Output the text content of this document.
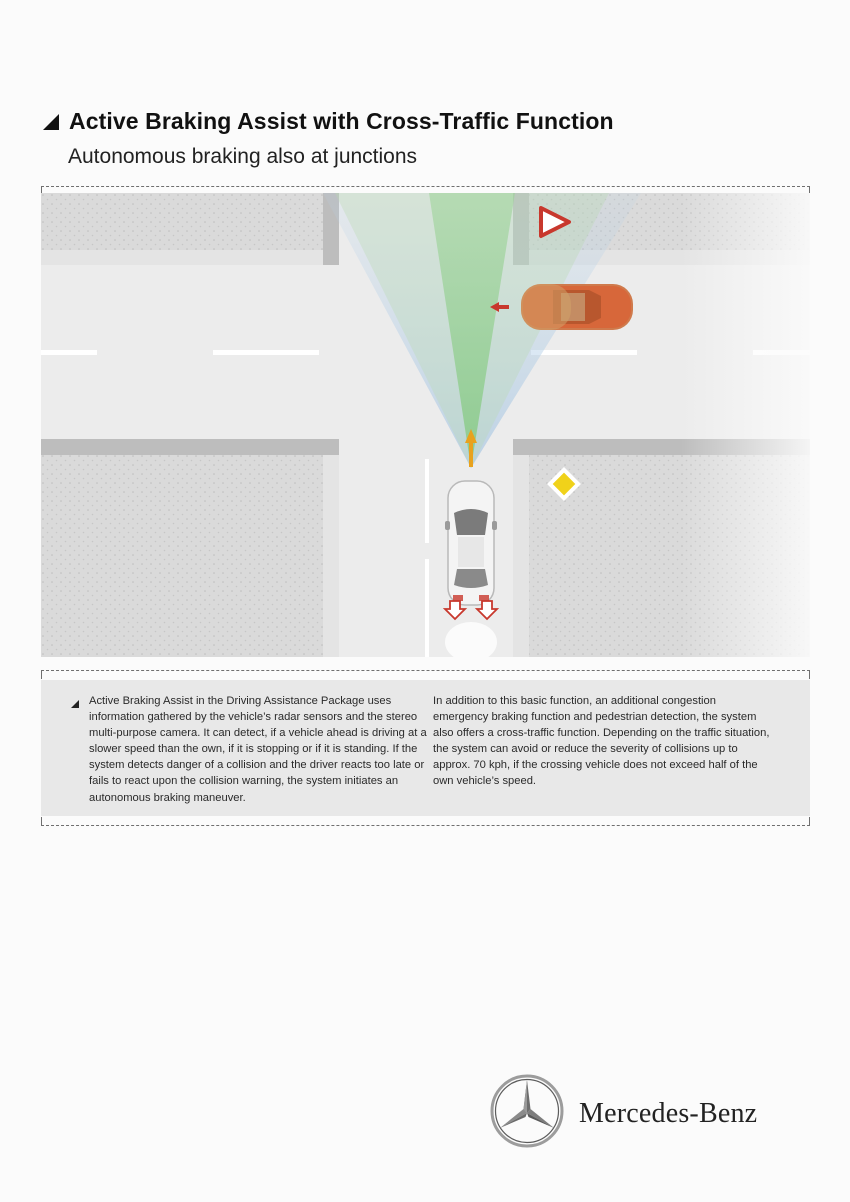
Active Braking Assist with Cross-Traffic Function
Autonomous braking also at junctions

Active Braking Assist in the Driving Assistance Package uses information gathered by the vehicle’s radar sensors and the stereo multi-purpose camera. It can detect, if a vehicle ahead is driving at a slower speed than the own, if it is stopping or if it is standing. If the system detects danger of a collision and the driver reacts too late or fails to react upon the collision warning, the system initiates an autonomous braking maneuver.

In addition to this basic function, an additional congestion emergency braking function and pedestrian detection, the system also offers a cross-traffic function. Depending on the traffic situation, the system can avoid or reduce the severity of collisions up to approx. 70 kph, if the crossing vehicle does not exceed half of the own vehicle’s speed.

Mercedes-Benz
